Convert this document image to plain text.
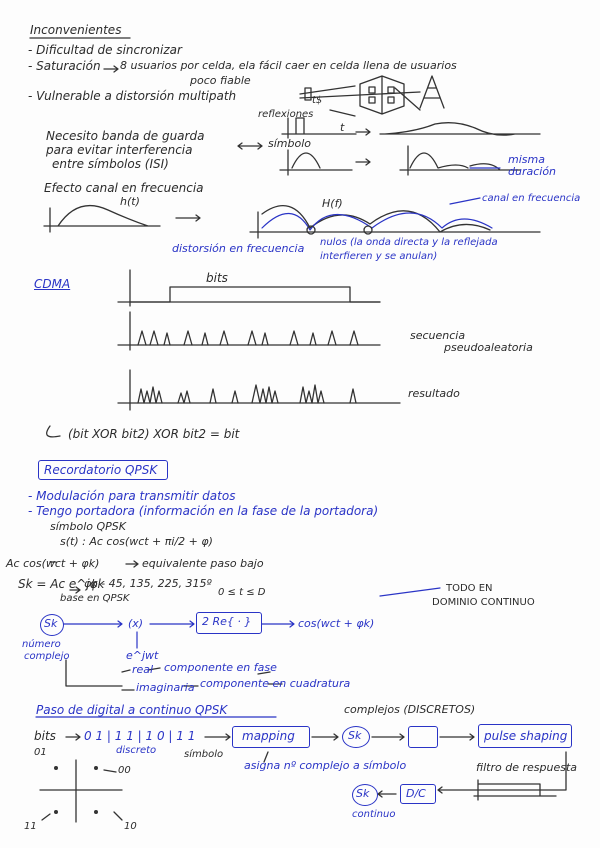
Inconvenientes
- Dificultad de sincronizar
- Saturación 8 usuarios por celda, ela fácil caer en celda llena de usuarios
poco fiable
- Vulnerable a distorsión multipath
reflexiones
t$
Necesito banda de guarda
para evitar interferencia
entre símbolos (ISI)
símbolo
t
misma
duración
Efecto canal en frecuencia
h(t)	H(f)	canal en frecuencia
distorsión en frecuencia nulos (la onda directa y la reflejada
interfieren y se anulan)
CDMA	bits
secuencia
pseudoaleatoria
resultado
(bit XOR bit2) XOR bit2 = bit
Recordatorio QPSK
- Modulación para transmitir datos
- Tengo portadora (información en la fase de la portadora)
símbolo QPSK
s(t) : Ac cos(wct + πi/2 + φ)
Ac cos(wct + φk)	equivalente paso bajo
Sk = Ac e^jφk
φk - 45, 135, 225, 315º
base en QPSK
0 ≤ t ≤ D	TODO EN
DOMINIO CONTINUO
Sk	(x)	2 Re{ · }	cos(wct + φk)
número
complejo	e^jwt
real componente en fase
imaginaria componente en cuadratura
Paso de digital a continuo QPSK	complejos (DISCRETOS)
bits 0 1 | 1 1 | 1 0 | 1 1	mapping	Sk	pulse shaping
discreto	símbolo
asigna nº complejo a símbolo	filtro de respuesta
D/C
Sk
continuo
01
00
11	10
